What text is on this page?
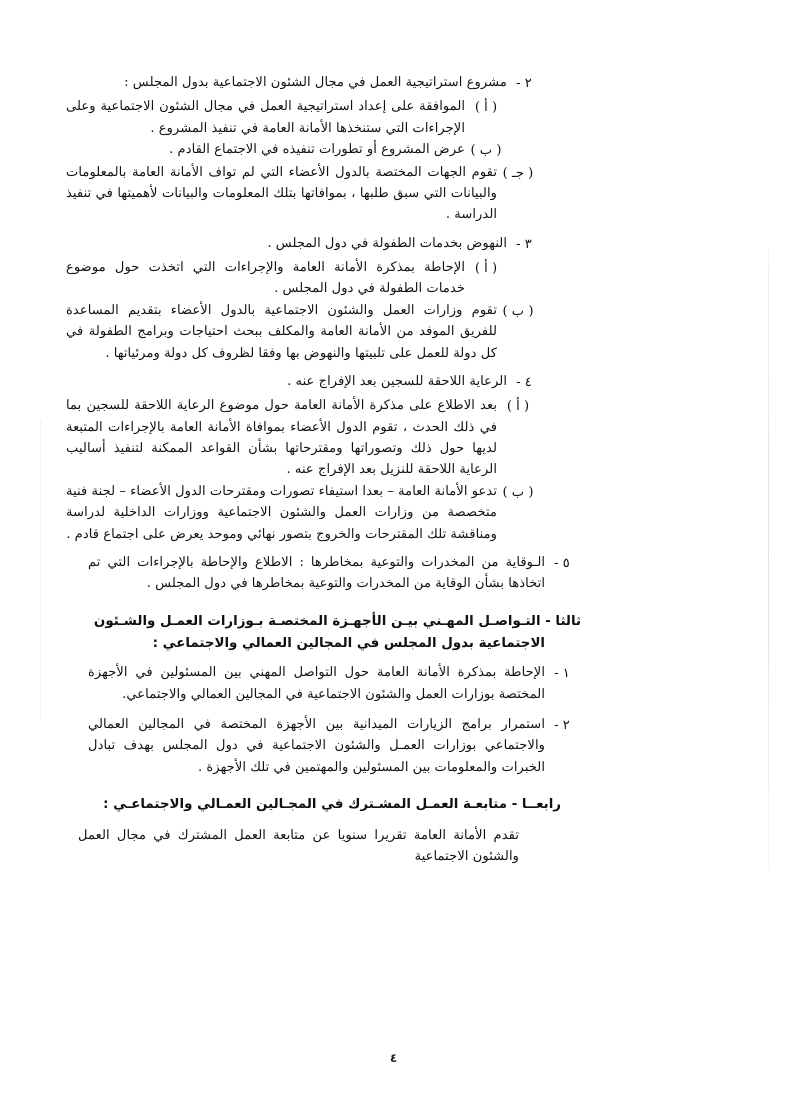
٢ -
مشروع استراتيجية العمل في مجال الشئون الاجتماعية بدول المجلس :
( أ )
الموافقة على إعداد استراتيجية العمل في مجال الشئون الاجتماعية وعلى الإجراءات التي ستنخذها الأمانة العامة في تنفيذ المشروع .
( ب )
عرض المشروع أو تطورات تنفيذه في الاجتماع القادم .
( جـ )
تقوم الجهات المختصة بالدول الأعضاء التي لم تواف الأمانة العامة بالمعلومات والبيانات التي سبق طلبها ، بموافاتها بتلك المعلومات والبيانات لأهميتها في تنفيذ الدراسة .
٣ -
النهوض بخدمات الطفولة في دول المجلس .
( أ )
الإحاطة بمذكرة الأمانة العامة والإجراءات التي اتخذت حول موضوع خدمات الطفولة في دول المجلس .
( ب )
تقوم وزارات العمل والشئون الاجتماعية بالدول الأعضاء بتقديم المساعدة للفريق الموفد من الأمانة العامة والمكلف ببحث احتياجات وبرامج الطفولة في كل دولة للعمل على تلبيتها والنهوض بها وفقا لظروف كل دولة ومرئياتها .
٤ -
الرعاية اللاحقة للسجين بعد الإفراج عنه .
( أ )
بعد الاطلاع على مذكرة الأمانة العامة حول موضوع الرعاية اللاحقة للسجين بما في ذلك الحدث ، تقوم الدول الأعضاء بموافاة الأمانة العامة بالإجراءات المتبعة لديها حول ذلك وتصوراتها ومقترحاتها بشأن القواعد الممكنة لتنفيذ أساليب الرعاية اللاحقة للنزيل بعد الإفراج عنه .
( ب )
تدعو الأمانة العامة – بعدا استيفاء تصورات ومقترحات الدول الأعضاء – لجنة فنية متخصصة من وزارات العمل والشئون الاجتماعية ووزارات الداخلية لدراسة ومناقشة تلك المقترحات والخروج بتصور نهائي وموحد يعرض على اجتماع قادم .
٥ -
الـوقاية من المخدرات والتوعية بمخاطرها : الاطلاع والإحاطة بالإجراءات التي تم اتخاذها بشأن الوقاية من المخدرات والتوعية بمخاطرها في دول المجلس .
ثالثا - التـواصـل المهـني بيـن الأجهـزة المختصـة بـوزارات العمـل والشـئون
الاجتماعية بدول المجلس في المجالين العمالي والاجتماعي :
١ -
الإحاطة بمذكرة الأمانة العامة حول التواصل المهني بين المسئولين في الأجهزة المختصة بوزارات العمل والشئون الاجتماعية في المجالين العمالي والاجتماعي.
٢ -
استمرار برامج الزيارات الميدانية بين الأجهزة المختصة في المجالين العمالي والاجتماعي بوزارات العمـل والشئون الاجتماعية في دول المجلس بهدف تبادل الخبرات والمعلومات بين المسئولين والمهتمين في تلك الأجهزة .
رابعــا - متابعـة العمـل المشـترك في المجـالين العمـالي والاجتماعـي :
تقدم الأمانة العامة تقريرا سنويا عن متابعة العمل المشترك في مجال العمل والشئون الاجتماعية
٤
